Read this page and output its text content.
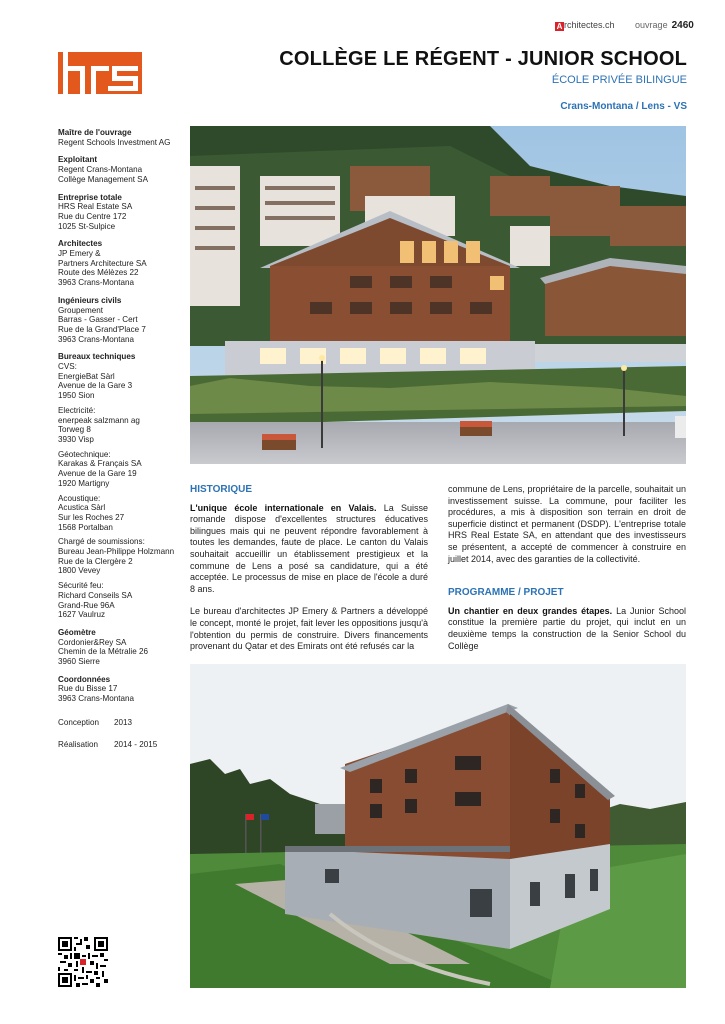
A rchitectes.ch ouvrage 2460
COLLÈGE LE RÉGENT - JUNIOR SCHOOL
ÉCOLE PRIVÉE BILINGUE
Crans-Montana / Lens - VS
Maître de l'ouvrage
Regent Schools Investment AG
Exploitant
Regent Crans-Montana
Collège Management SA
Entreprise totale
HRS Real Estate SA
Rue du Centre 172
1025 St-Sulpice
Architectes
JP Emery &
Partners Architecture SA
Route des Mélèzes 22
3963 Crans-Montana
Ingénieurs civils
Groupement
Barras - Gasser - Cert
Rue de la Grand'Place 7
3963 Crans-Montana
Bureaux techniques
CVS:
EnergieBat Sàrl
Avenue de la Gare 3
1950 Sion
Electricité:
enerpeak salzmann ag
Torweg 8
3930 Visp
Géotechnique:
Karakas & Français SA
Avenue de la Gare 19
1920 Martigny
Acoustique:
Acustica Sàrl
Sur les Roches 27
1568 Portalban
Chargé de soumissions:
Bureau Jean-Philippe Holzmann
Rue de la Clergère 2
1800 Vevey
Sécurité feu:
Richard Conseils SA
Grand-Rue 96A
1627 Vaulruz
Géomètre
Cordonier&Rey SA
Chemin de la Métralie 26
3960 Sierre
Coordonnées
Rue du Bisse 17
3963 Crans-Montana
Conception	2013
Réalisation	2014 - 2015
HISTORIQUE

L'unique école internationale en Valais. La Suisse romande dispose d'excellentes structures éducatives bilingues mais qui ne peuvent répondre favorablement à toutes les demandes, faute de place. Le canton du Valais souhaitait accueillir un établissement prestigieux et la commune de Lens a posé sa candidature, qui a été acceptée. Le processus de mise en place de l'école a duré 8 ans.

Le bureau d'architectes JP Emery & Partners a développé le concept, monté le projet, fait lever les oppositions jusqu'à l'obtention du permis de construire. Divers financements provenant du Qatar et des Emirats ont été refusés car la

commune de Lens, propriétaire de la parcelle, souhaitait un investissement suisse. La commune, pour faciliter les procédures, a mis à disposition son terrain en droit de superficie distinct et permanent (DSDP). L'entreprise totale HRS Real Estate SA, en attendant que des investisseurs se présentent, a accepté de commencer à construire en juillet 2014, avec des garanties de la collectivité.

PROGRAMME / PROJET

Un chantier en deux grandes étapes. La Junior School constitue la première partie du projet, qui inclut en un deuxième temps la construction de la Senior School du Collège
